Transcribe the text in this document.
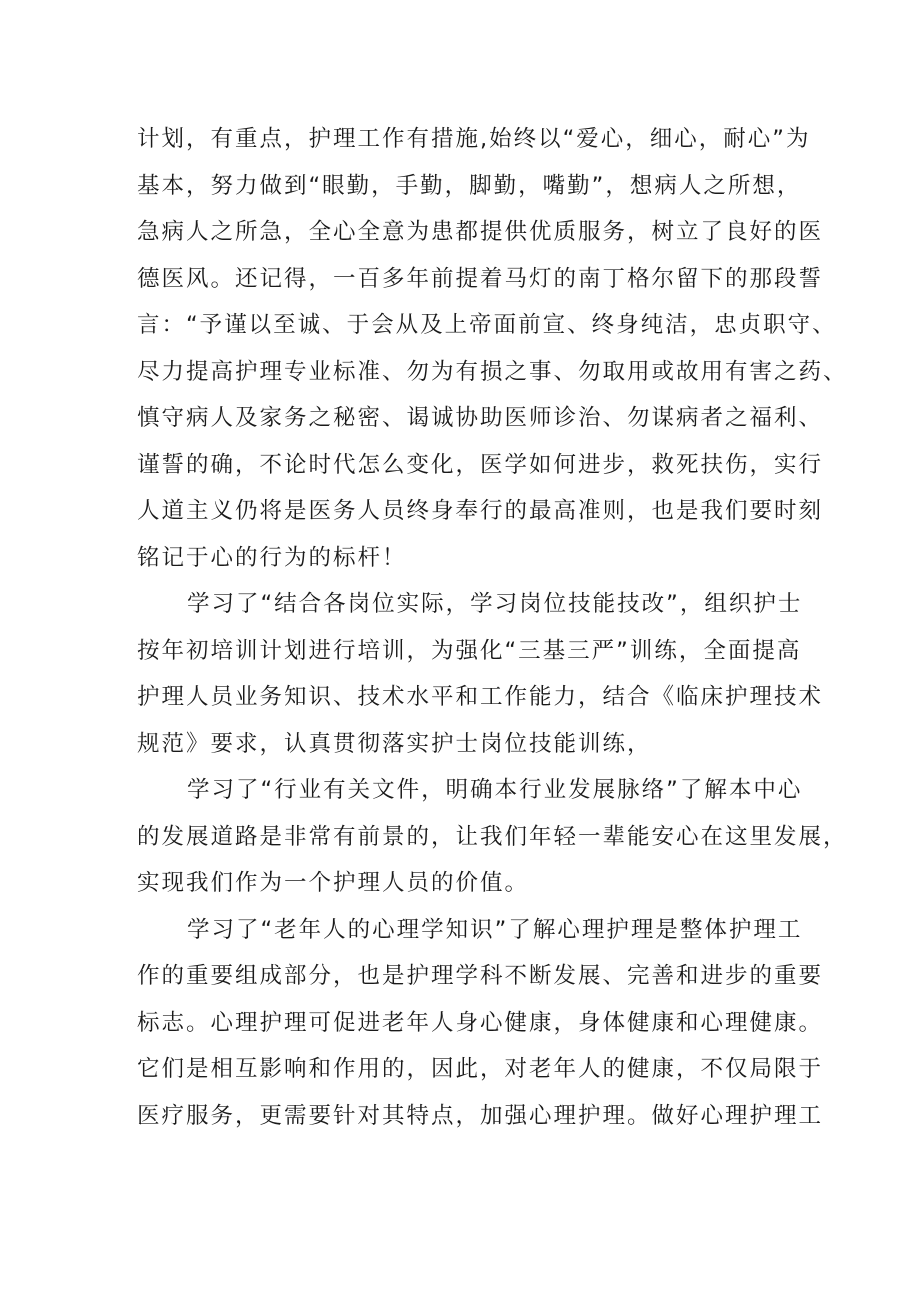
计划，有重点，护理工作有措施,始终以“爱心，细心，耐心”为
基本，努力做到“眼勤，手勤，脚勤，嘴勤”，想病人之所想，
急病人之所急，全心全意为患都提供优质服务，树立了良好的医
德医风。还记得，一百多年前提着马灯的南丁格尔留下的那段誓
言：“予谨以至诚、于会从及上帝面前宣、终身纯洁，忠贞职守、
尽力提高护理专业标准、勿为有损之事、勿取用或故用有害之药、
慎守病人及家务之秘密、谒诚协助医师诊治、勿谋病者之福利、
谨誓的确，不论时代怎么变化，医学如何进步，救死扶伤，实行
人道主义仍将是医务人员终身奉行的最高准则，也是我们要时刻
铭记于心的行为的标杆！
学习了“结合各岗位实际，学习岗位技能技改”，组织护士
按年初培训计划进行培训，为强化“三基三严”训练，全面提高
护理人员业务知识、技术水平和工作能力，结合《临床护理技术
规范》要求，认真贯彻落实护士岗位技能训练，
学习了“行业有关文件，明确本行业发展脉络”了解本中心
的发展道路是非常有前景的，让我们年轻一辈能安心在这里发展，
实现我们作为一个护理人员的价值。
学习了“老年人的心理学知识”了解心理护理是整体护理工
作的重要组成部分，也是护理学科不断发展、完善和进步的重要
标志。心理护理可促进老年人身心健康，身体健康和心理健康。
它们是相互影响和作用的，因此，对老年人的健康，不仅局限于
医疗服务，更需要针对其特点，加强心理护理。做好心理护理工
